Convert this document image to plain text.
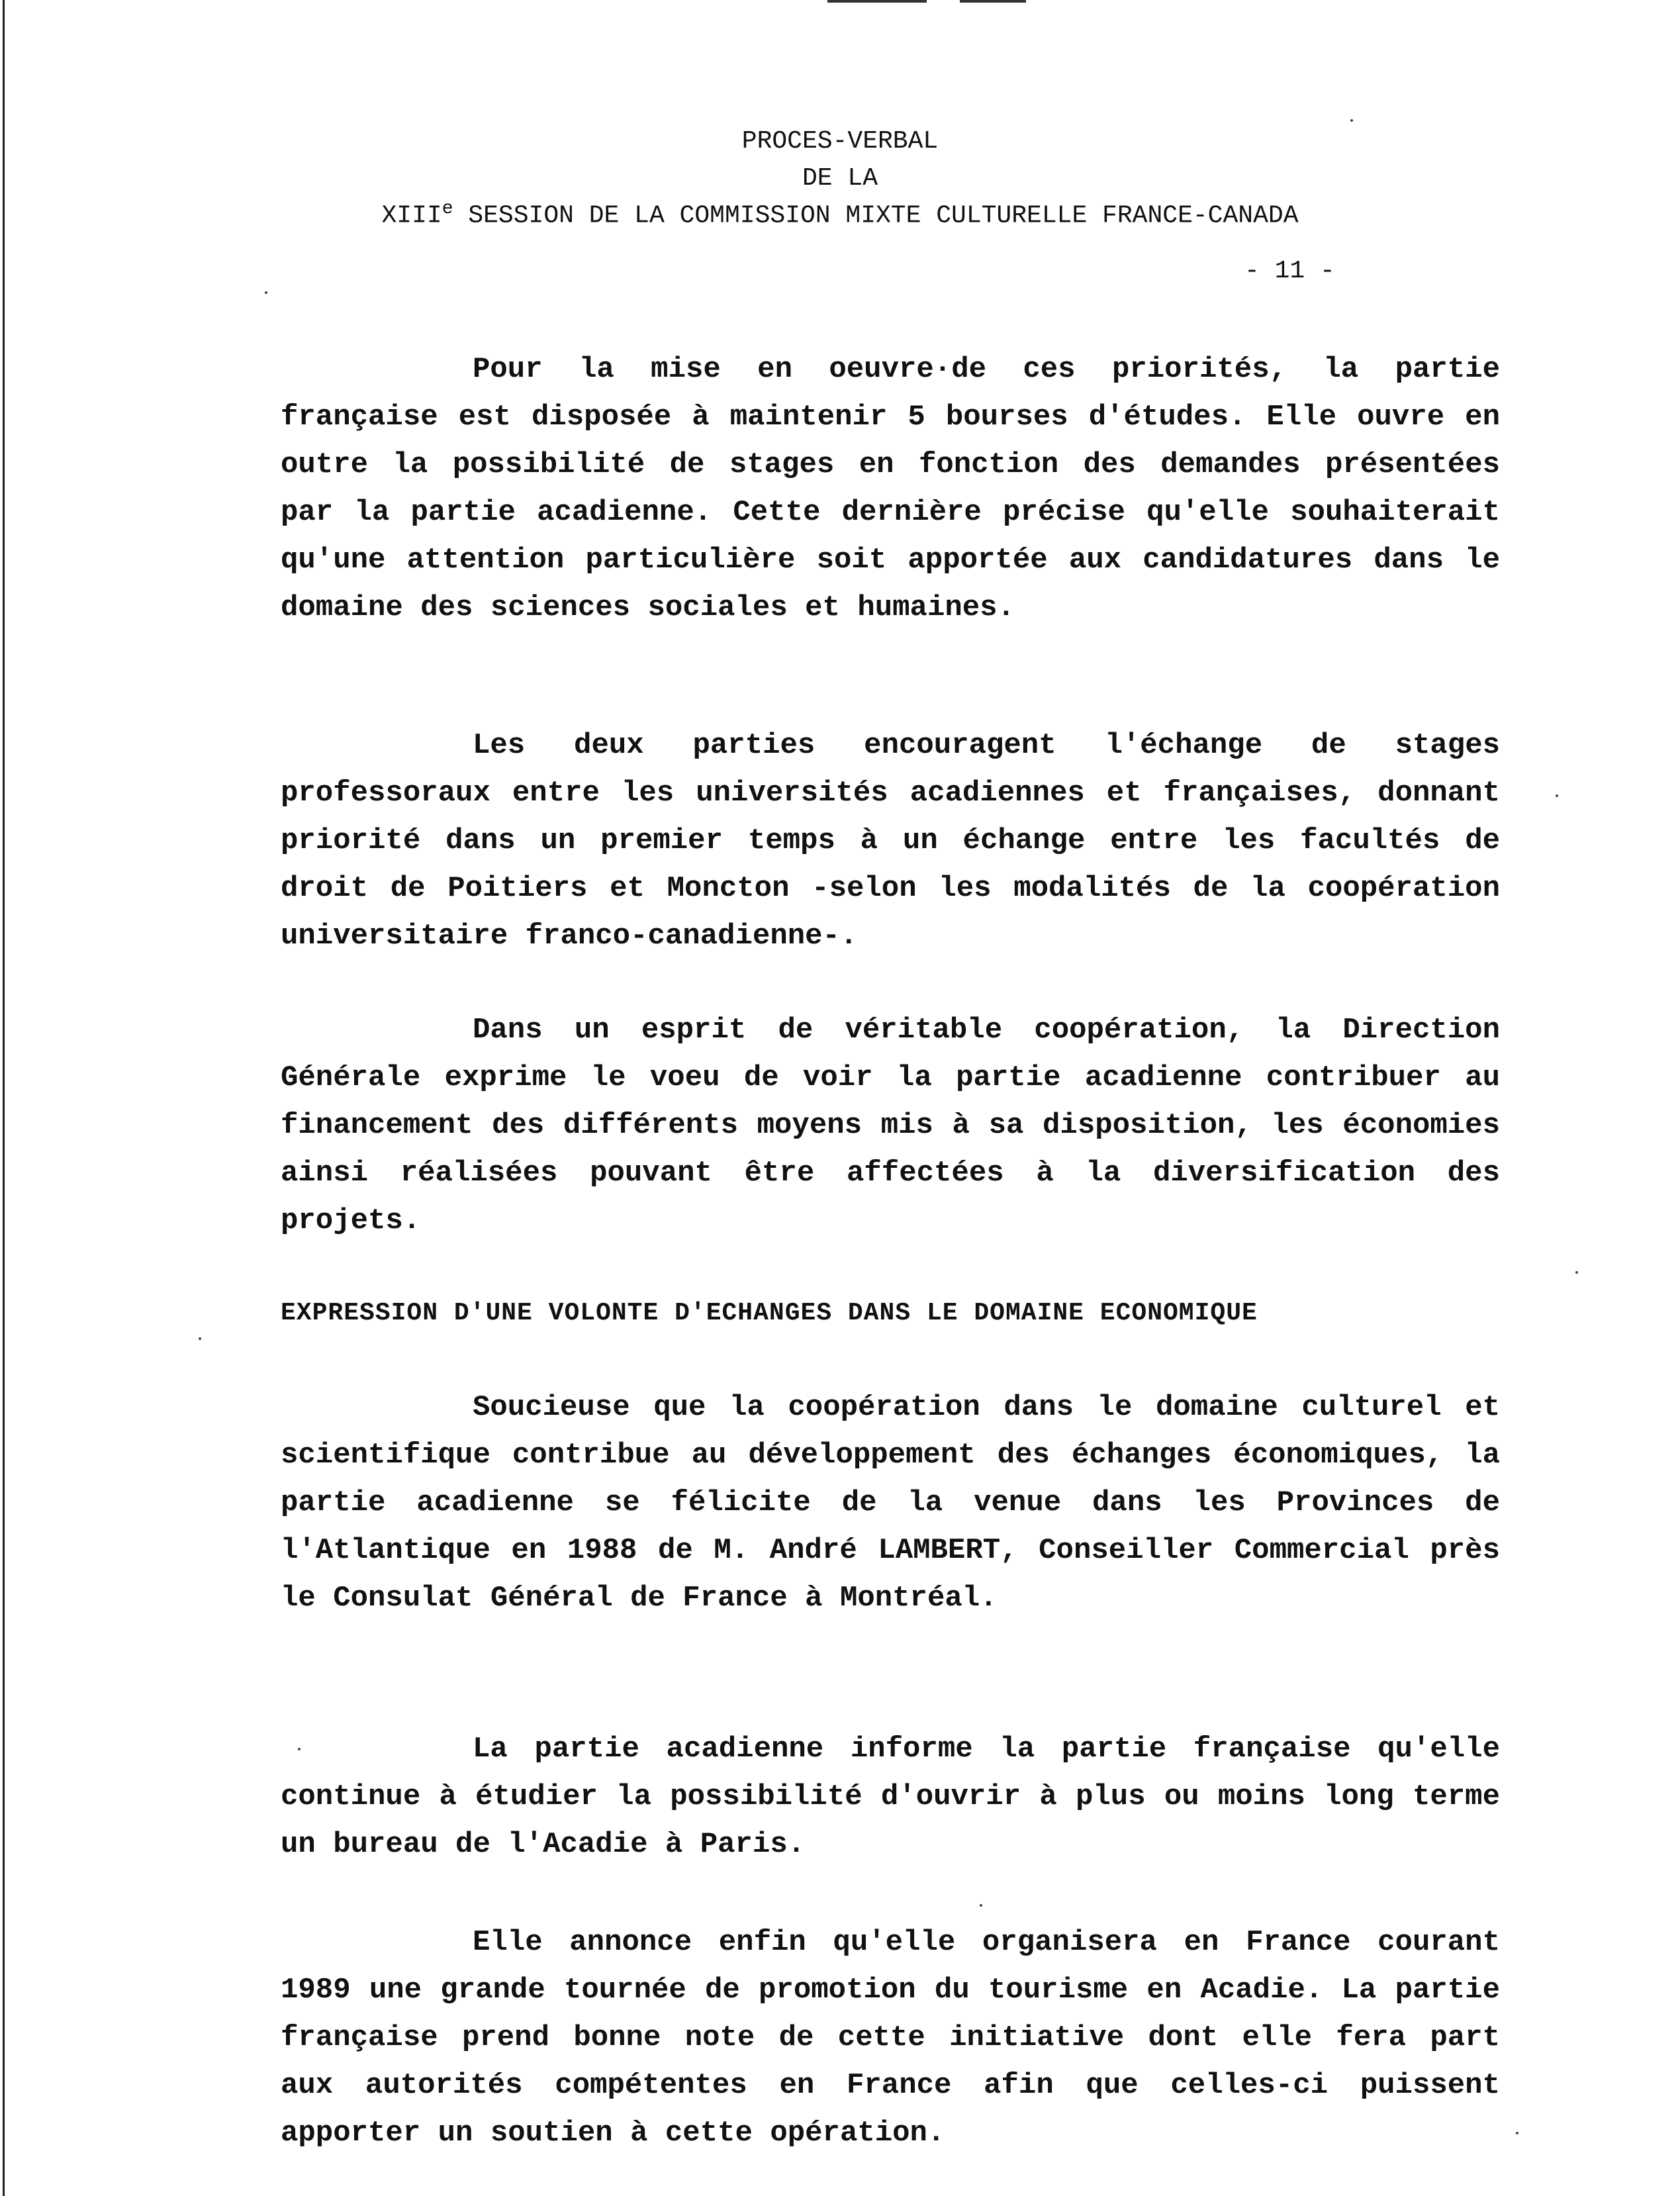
PROCES-VERBAL
DE LA
XIIIe SESSION DE LA COMMISSION MIXTE CULTURELLE FRANCE-CANADA
- 11 -

Pour la mise en oeuvre·de ces priorités, la partie française est disposée à maintenir 5 bourses d'études. Elle ouvre en outre la possibilité de stages en fonction des demandes présentées par la partie acadienne. Cette dernière précise qu'elle souhaiterait qu'une attention particulière soit apportée aux candidatures dans le domaine des sciences sociales et humaines.

Les deux parties encouragent l'échange de stages professoraux entre les universités acadiennes et françaises, donnant priorité dans un premier temps à un échange entre les facultés de droit de Poitiers et Moncton -selon les modalités de la coopération universitaire franco-canadienne-.

Dans un esprit de véritable coopération, la Direction Générale exprime le voeu de voir la partie acadienne contribuer au financement des différents moyens mis à sa disposition, les économies ainsi réalisées pouvant être affectées à la diversification des projets.

EXPRESSION D'UNE VOLONTE D'ECHANGES DANS LE DOMAINE ECONOMIQUE

Soucieuse que la coopération dans le domaine culturel et scientifique contribue au développement des échanges économiques, la partie acadienne se félicite de la venue dans les Provinces de l'Atlantique en 1988 de M. André LAMBERT, Conseiller Commercial près le Consulat Général de France à Montréal.

La partie acadienne informe la partie française qu'elle continue à étudier la possibilité d'ouvrir à plus ou moins long terme un bureau de l'Acadie à Paris.

Elle annonce enfin qu'elle organisera en France courant 1989 une grande tournée de promotion du tourisme en Acadie. La partie française prend bonne note de cette initiative dont elle fera part aux autorités compétentes en France afin que celles-ci puissent apporter un soutien à cette opération.
